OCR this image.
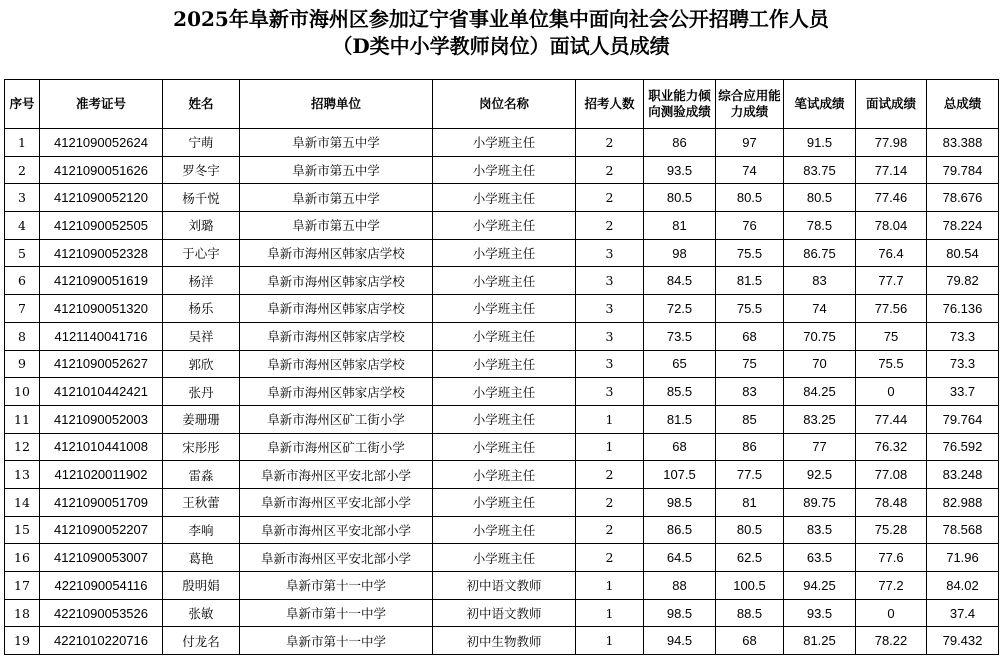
2025年阜新市海州区参加辽宁省事业单位集中面向社会公开招聘工作人员
（D类中小学教师岗位）面试人员成绩
序号	准考证号	姓名	招聘单位	岗位名称	招考人数	职业能力倾向测验成绩	综合应用能力成绩	笔试成绩	面试成绩	总成绩
1	4121090052624	宁萌	阜新市第五中学	小学班主任	2	86	97	91.5	77.98	83.388
2	4121090051626	罗冬宇	阜新市第五中学	小学班主任	2	93.5	74	83.75	77.14	79.784
3	4121090052120	杨千悦	阜新市第五中学	小学班主任	2	80.5	80.5	80.5	77.46	78.676
4	4121090052505	刘璐	阜新市第五中学	小学班主任	2	81	76	78.5	78.04	78.224
5	4121090052328	于心宇	阜新市海州区韩家店学校	小学班主任	3	98	75.5	86.75	76.4	80.54
6	4121090051619	杨洋	阜新市海州区韩家店学校	小学班主任	3	84.5	81.5	83	77.7	79.82
7	4121090051320	杨乐	阜新市海州区韩家店学校	小学班主任	3	72.5	75.5	74	77.56	76.136
8	4121140041716	吴祥	阜新市海州区韩家店学校	小学班主任	3	73.5	68	70.75	75	73.3
9	4121090052627	郭欣	阜新市海州区韩家店学校	小学班主任	3	65	75	70	75.5	73.3
10	4121010442421	张丹	阜新市海州区韩家店学校	小学班主任	3	85.5	83	84.25	0	33.7
11	4121090052003	姜珊珊	阜新市海州区矿工街小学	小学班主任	1	81.5	85	83.25	77.44	79.764
12	4121010441008	宋彤彤	阜新市海州区矿工街小学	小学班主任	1	68	86	77	76.32	76.592
13	4121020011902	雷淼	阜新市海州区平安北部小学	小学班主任	2	107.5	77.5	92.5	77.08	83.248
14	4121090051709	王秋蕾	阜新市海州区平安北部小学	小学班主任	2	98.5	81	89.75	78.48	82.988
15	4121090052207	李响	阜新市海州区平安北部小学	小学班主任	2	86.5	80.5	83.5	75.28	78.568
16	4121090053007	葛艳	阜新市海州区平安北部小学	小学班主任	2	64.5	62.5	63.5	77.6	71.96
17	4221090054116	殷明娟	阜新市第十一中学	初中语文教师	1	88	100.5	94.25	77.2	84.02
18	4221090053526	张敏	阜新市第十一中学	初中语文教师	1	98.5	88.5	93.5	0	37.4
19	4221010220716	付龙名	阜新市第十一中学	初中生物教师	1	94.5	68	81.25	78.22	79.432
